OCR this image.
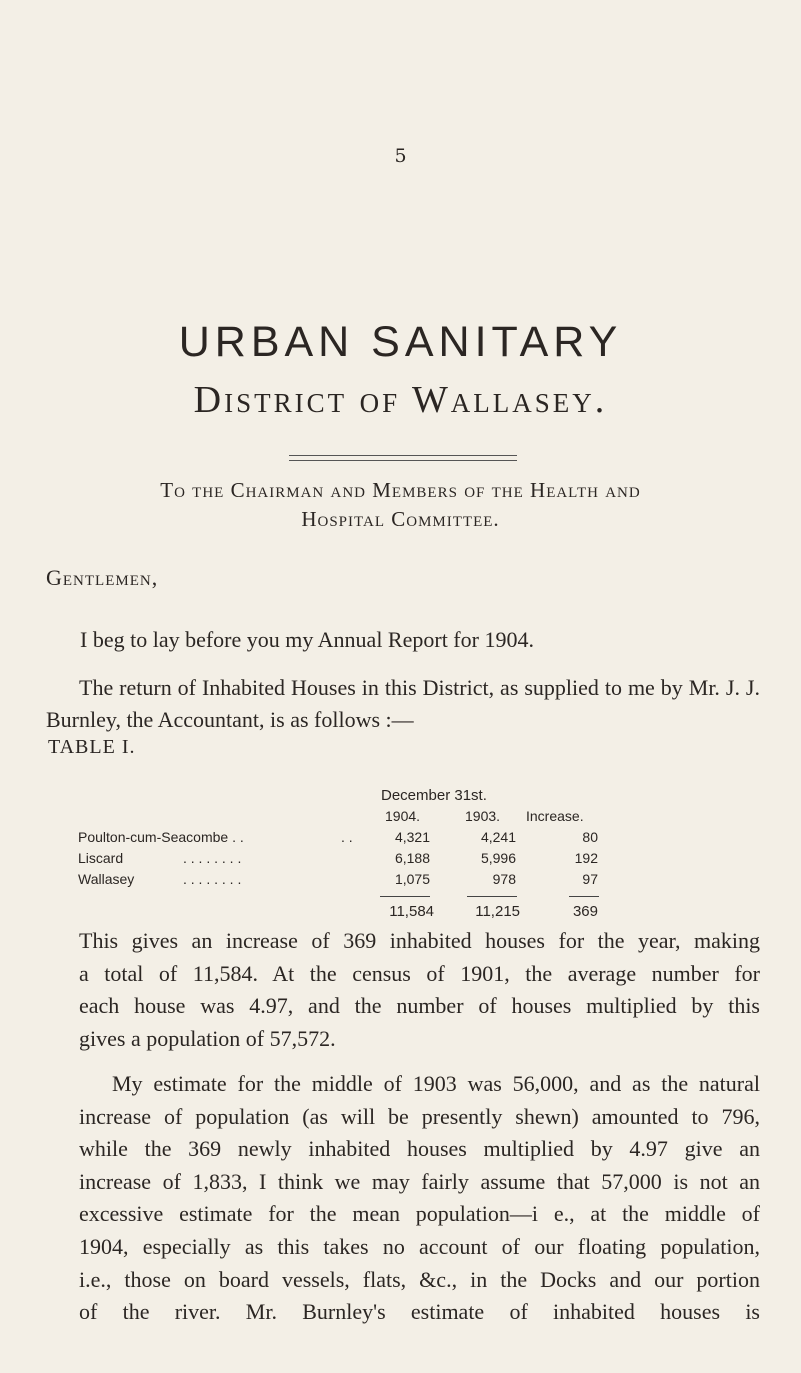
5
URBAN SANITARY
District of Wallasey.
To the Chairman and Members of the Health and
Hospital Committee.
Gentlemen,
I beg to lay before you my Annual Report for 1904.
The return of Inhabited Houses in this District, as supplied to me by Mr. J. J. Burnley, the Accountant, is as follows :—
TABLE I.
December 31st.
1904.	1903. Increase.
Poulton-cum-Seacombe . .	. .	4,321	4,241	80
Liscard	. . . . . . . .	6,188	5,996	192
Wallasey	. . . . . . . .	1,075	978	97
11,584	11,215	369
This gives an increase of 369 inhabited houses for the year, making
a total of 11,584. At the census of 1901, the average number for
each house was 4.97, and the number of houses multiplied by this
gives a population of 57,572.
My estimate for the middle of 1903 was 56,000, and as the natural
increase of population (as will be presently shewn) amounted to 796,
while the 369 newly inhabited houses multiplied by 4.97 give an
increase of 1,833, I think we may fairly assume that 57,000 is not an
excessive estimate for the mean population—i e., at the middle of
1904, especially as this takes no account of our floating population,
i.e., those on board vessels, flats, &c., in the Docks and our portion
of the river. Mr. Burnley's estimate of inhabited houses is
